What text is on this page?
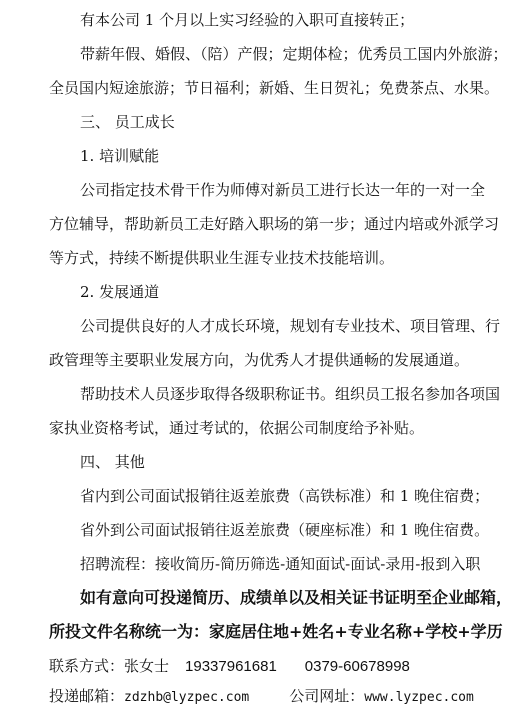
有本公司 1 个月以上实习经验的入职可直接转正；
带薪年假、婚假、（陪）产假；定期体检；优秀员工国内外旅游；
全员国内短途旅游；节日福利；新婚、生日贺礼；免费茶点、水果。
三、 员工成长
1. 培训赋能
公司指定技术骨干作为师傅对新员工进行长达一年的一对一全
方位辅导，帮助新员工走好踏入职场的第一步；通过内培或外派学习
等方式，持续不断提供职业生涯专业技术技能培训。
2. 发展通道
公司提供良好的人才成长环境，规划有专业技术、项目管理、行
政管理等主要职业发展方向，为优秀人才提供通畅的发展通道。
帮助技术人员逐步取得各级职称证书。组织员工报名参加各项国
家执业资格考试，通过考试的，依据公司制度给予补贴。
四、 其他
省内到公司面试报销往返差旅费（高铁标准）和 1 晚住宿费；
省外到公司面试报销往返差旅费（硬座标准）和 1 晚住宿费。
招聘流程：接收简历-简历筛选-通知面试-面试-录用-报到入职
如有意向可投递简历、成绩单以及相关证书证明至企业邮箱，
所投文件名称统一为：家庭居住地+姓名+专业名称+学校+学历
联系方式：张女士 19337961681 0379-60678998
投递邮箱：zdzhb@lyzpec.com	公司网址：www.lyzpec.com
